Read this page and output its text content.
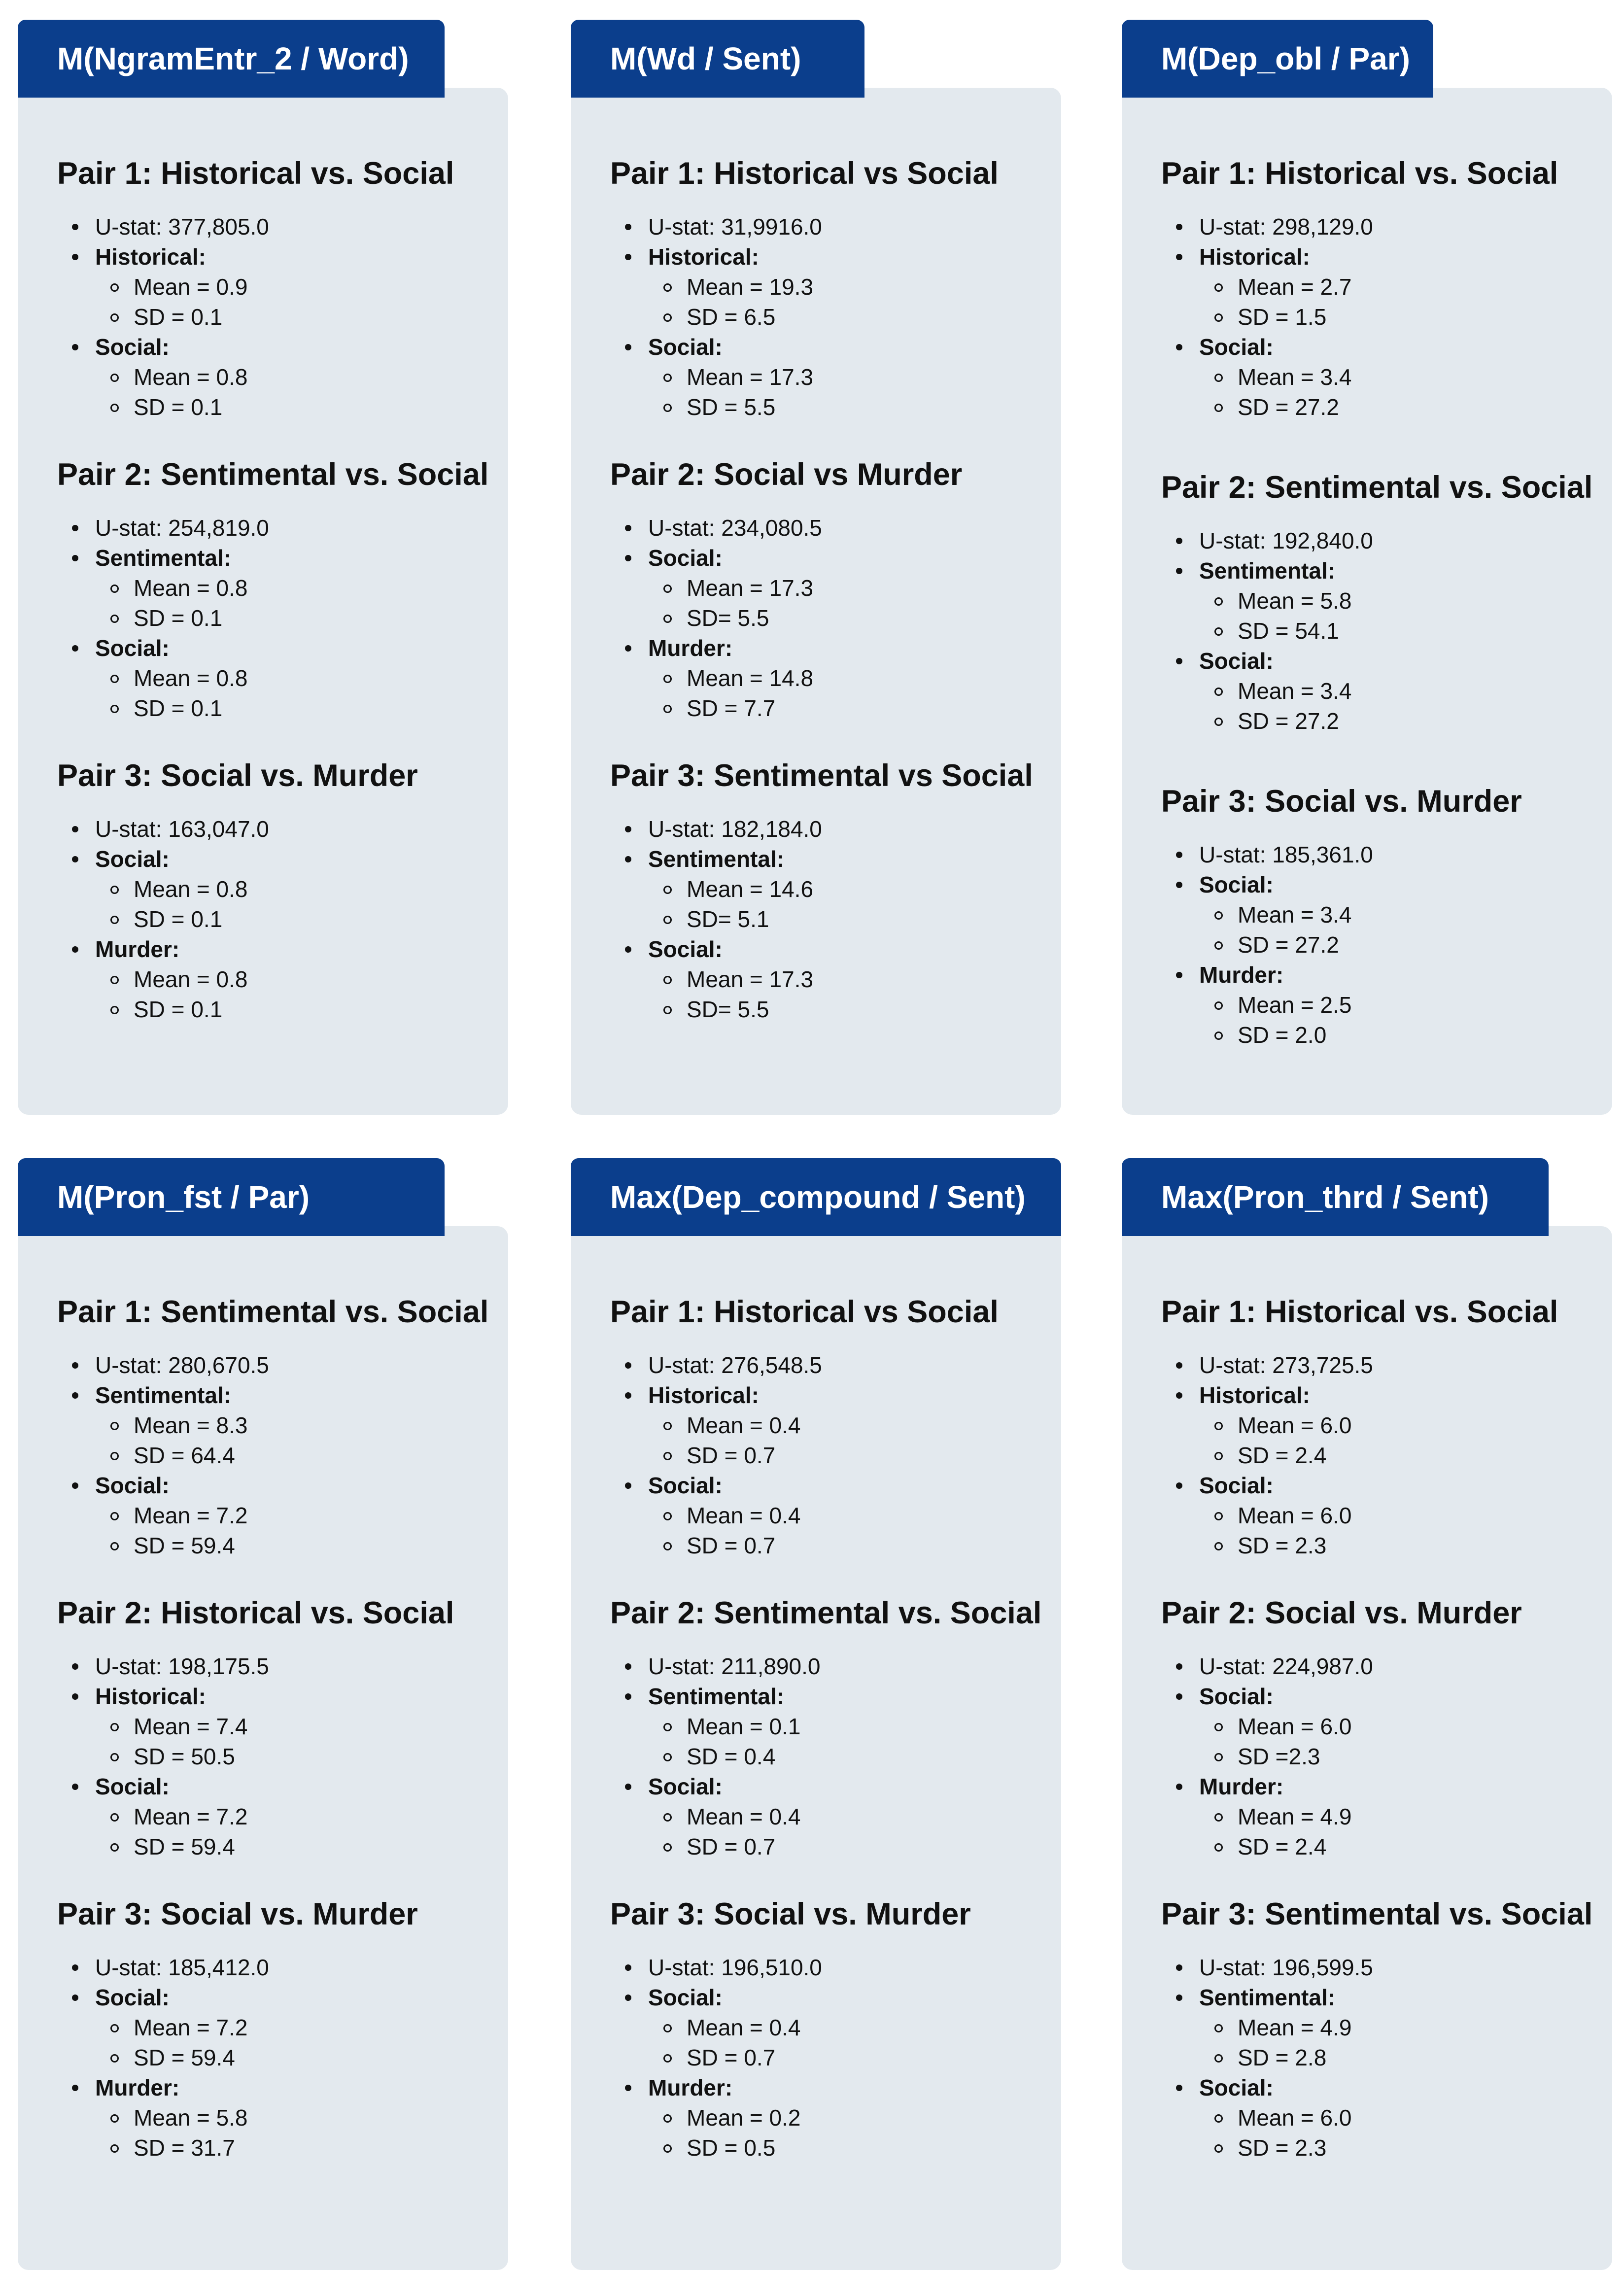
M(NgramEntr_2 / Word)
Pair 1: Historical vs. Social
U-stat: 377,805.0
Historical:
Mean = 0.9
SD = 0.1
Social:
Mean = 0.8
SD = 0.1
Pair 2: Sentimental vs. Social
U-stat: 254,819.0
Sentimental:
Mean = 0.8
SD = 0.1
Social:
Mean = 0.8
SD = 0.1
Pair 3: Social vs. Murder
U-stat: 163,047.0
Social:
Mean = 0.8
SD = 0.1
Murder:
Mean = 0.8
SD = 0.1
M(Wd / Sent)
Pair 1: Historical vs Social
U-stat: 31,9916.0
Historical:
Mean = 19.3
SD = 6.5
Social:
Mean = 17.3
SD = 5.5
Pair 2: Social vs Murder
U-stat: 234,080.5
Social:
Mean = 17.3
SD= 5.5
Murder:
Mean = 14.8
SD = 7.7
Pair 3: Sentimental vs Social
U-stat: 182,184.0
Sentimental:
Mean = 14.6
SD= 5.1
Social:
Mean = 17.3
SD= 5.5
M(Dep_obl / Par)
Pair 1: Historical vs. Social
U-stat: 298,129.0
Historical:
Mean = 2.7
SD = 1.5
Social:
Mean = 3.4
SD = 27.2
Pair 2: Sentimental vs. Social
U-stat: 192,840.0
Sentimental:
Mean = 5.8
SD = 54.1
Social:
Mean = 3.4
SD = 27.2
Pair 3: Social vs. Murder
U-stat: 185,361.0
Social:
Mean = 3.4
SD = 27.2
Murder:
Mean = 2.5
SD = 2.0
M(Pron_fst / Par)
Pair 1: Sentimental vs. Social
U-stat: 280,670.5
Sentimental:
Mean = 8.3
SD = 64.4
Social:
Mean = 7.2
SD = 59.4
Pair 2: Historical vs. Social
U-stat: 198,175.5
Historical:
Mean = 7.4
SD = 50.5
Social:
Mean = 7.2
SD = 59.4
Pair 3: Social vs. Murder
U-stat: 185,412.0
Social:
Mean = 7.2
SD = 59.4
Murder:
Mean = 5.8
SD = 31.7
Max(Dep_compound / Sent)
Pair 1: Historical vs Social
U-stat: 276,548.5
Historical:
Mean = 0.4
SD = 0.7
Social:
Mean = 0.4
SD = 0.7
Pair 2: Sentimental vs. Social
U-stat: 211,890.0
Sentimental:
Mean = 0.1
SD = 0.4
Social:
Mean = 0.4
SD = 0.7
Pair 3: Social vs. Murder
U-stat: 196,510.0
Social:
Mean = 0.4
SD = 0.7
Murder:
Mean = 0.2
SD = 0.5
Max(Pron_thrd / Sent)
Pair 1: Historical vs. Social
U-stat: 273,725.5
Historical:
Mean = 6.0
SD = 2.4
Social:
Mean = 6.0
SD = 2.3
Pair 2: Social vs. Murder
U-stat: 224,987.0
Social:
Mean = 6.0
SD =2.3
Murder:
Mean = 4.9
SD = 2.4
Pair 3: Sentimental vs. Social
U-stat: 196,599.5
Sentimental:
Mean = 4.9
SD = 2.8
Social:
Mean = 6.0
SD = 2.3
